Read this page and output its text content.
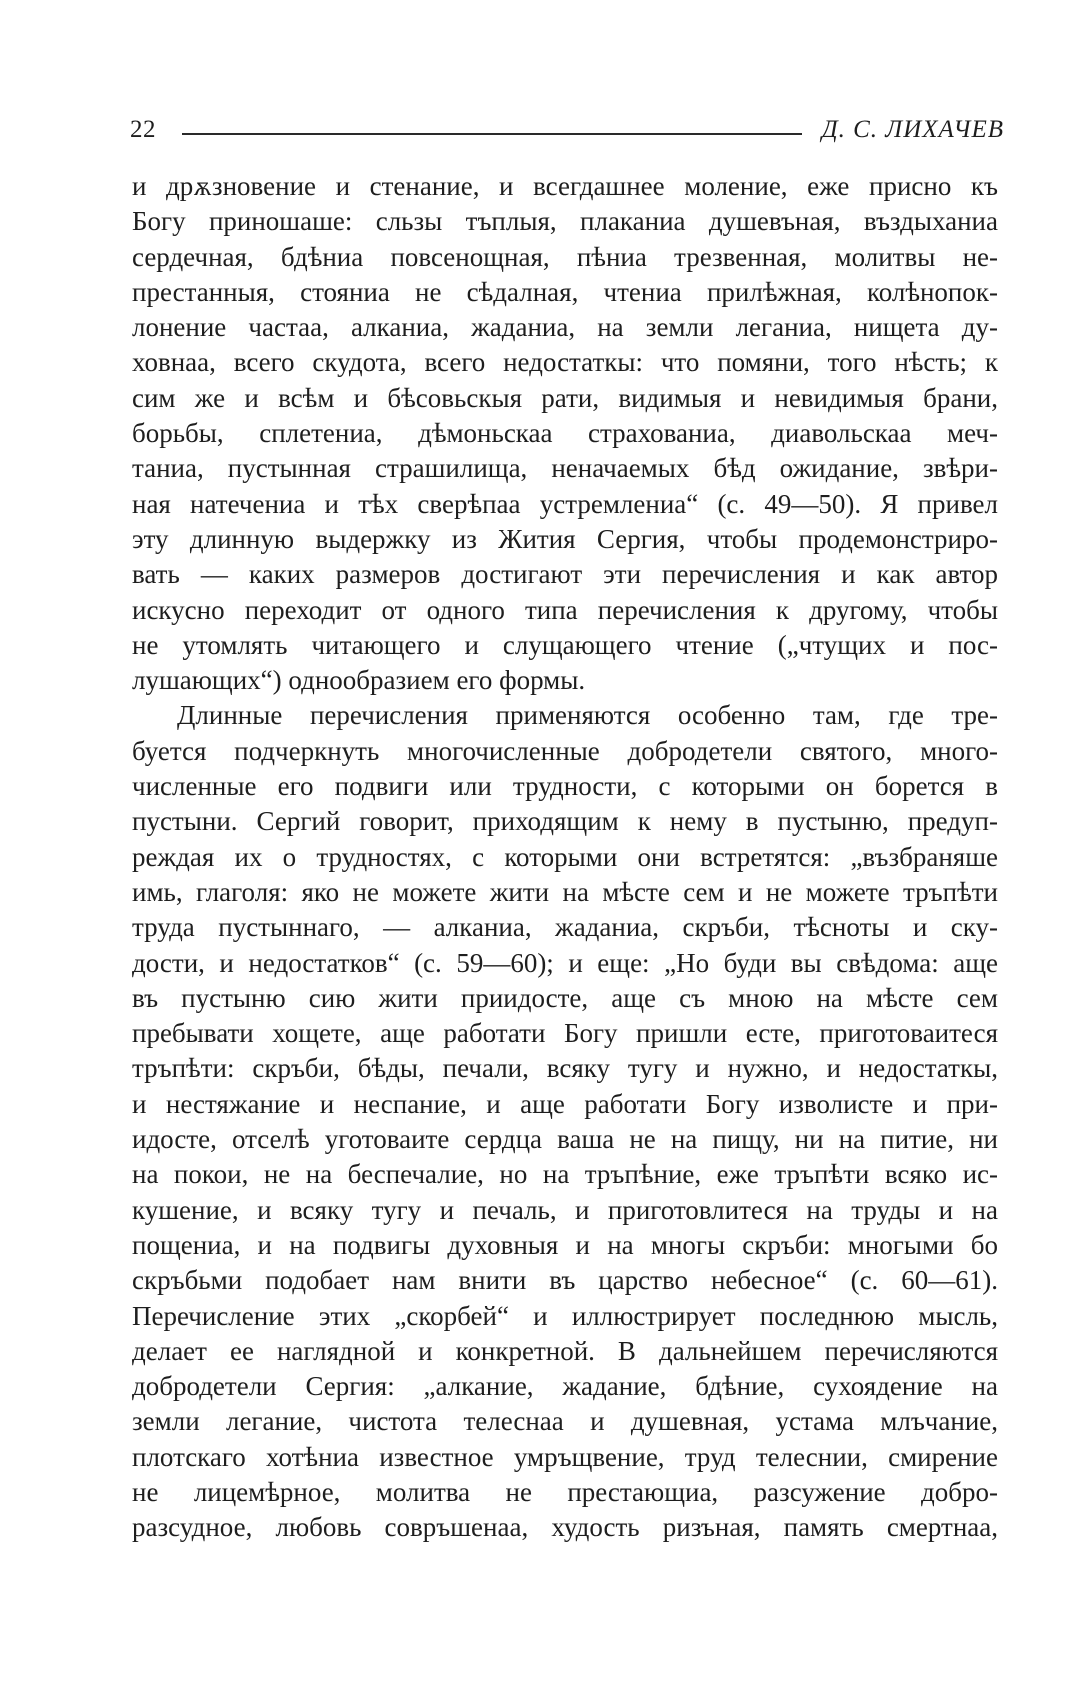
22	Д. С. ЛИХАЧЕВ
и дрѫзновение и стенание, и всегдашнее моление, еже присно къ
Богу приношаше: сльзы тъплыя, плаканиа душевъная, въздыханиа
сердечная, бдѣниа повсенощная, пѣниа трезвенная, молитвы не-
престанныя, стояниа не сѣдалная, чтениа прилѣжная, колѣнопок-
лонение частаа, алканиа, жаданиа, на земли леганиа, нищета ду-
ховнаа, всего скудота, всего недостаткы: что помяни, того нѣсть; к
сим же и всѣм и бѣсовьскыя рати, видимыя и невидимыя брани,
борьбы, сплетениа, дѣмоньскаа страхованиа, диавольскаа меч-
таниа, пустынная страшилища, неначаемых бѣд ожидание, звѣри-
ная натечениа и тѣх сверѣпаа устремлениа“ (с. 49—50). Я привел
эту длинную выдержку из Жития Сергия, чтобы продемонстриро-
вать — каких размеров достигают эти перечисления и как автор
искусно переходит от одного типа перечисления к другому, чтобы
не утомлять читающего и слущающего чтение („чтущих и пос-
лушающих“) однообразием его формы.
Длинные перечисления применяются особенно там, где тре-
буется подчеркнуть многочисленные добродетели святого, много-
численные его подвиги или трудности, с которыми он борется в
пустыни. Сергий говорит, приходящим к нему в пустыню, предуп-
реждая их о трудностях, с которыми они встретятся: „възбраняше
имь, глаголя: яко не можете жити на мѣсте сем и не можете тръпѣти
труда пустыннаго, — алканиа, жаданиа, скръби, тѣсноты и ску-
дости, и недостатков“ (с. 59—60); и еще: „Но буди вы свѣдома: аще
въ пустыню сию жити приидосте, аще съ мною на мѣсте сем
пребывати хощете, аще работати Богу пришли есте, приготоваитеся
тръпѣти: скръби, бѣды, печали, всяку тугу и нужно, и недостаткы,
и нестяжание и неспание, и аще работати Богу изволисте и при-
идосте, отселѣ уготоваите сердца ваша не на пищу, ни на питие, ни
на покои, не на беспечалие, но на тръпѣние, еже тръпѣти всяко ис-
кушение, и всяку тугу и печаль, и приготовлитеся на труды и на
пощениа, и на подвигы духовныя и на многы скръби: многыми бо
скръбьми подобает нам внити въ царство небесное“ (с. 60—61).
Перечисление этих „скорбей“ и иллюстрирует последнюю мысль,
делает ее наглядной и конкретной. В дальнейшем перечисляются
добродетели Сергия: „алкание, жадание, бдѣние, сухоядение на
земли легание, чистота телеснаа и душевная, устама млъчание,
плотскаго хотѣниа известное умръщвение, труд телеснии, смирение
не лицемѣрное, молитва не престающиа, разсужение добро-
разсудное, любовь совръшенаа, худость ризъная, память смертнаа,
